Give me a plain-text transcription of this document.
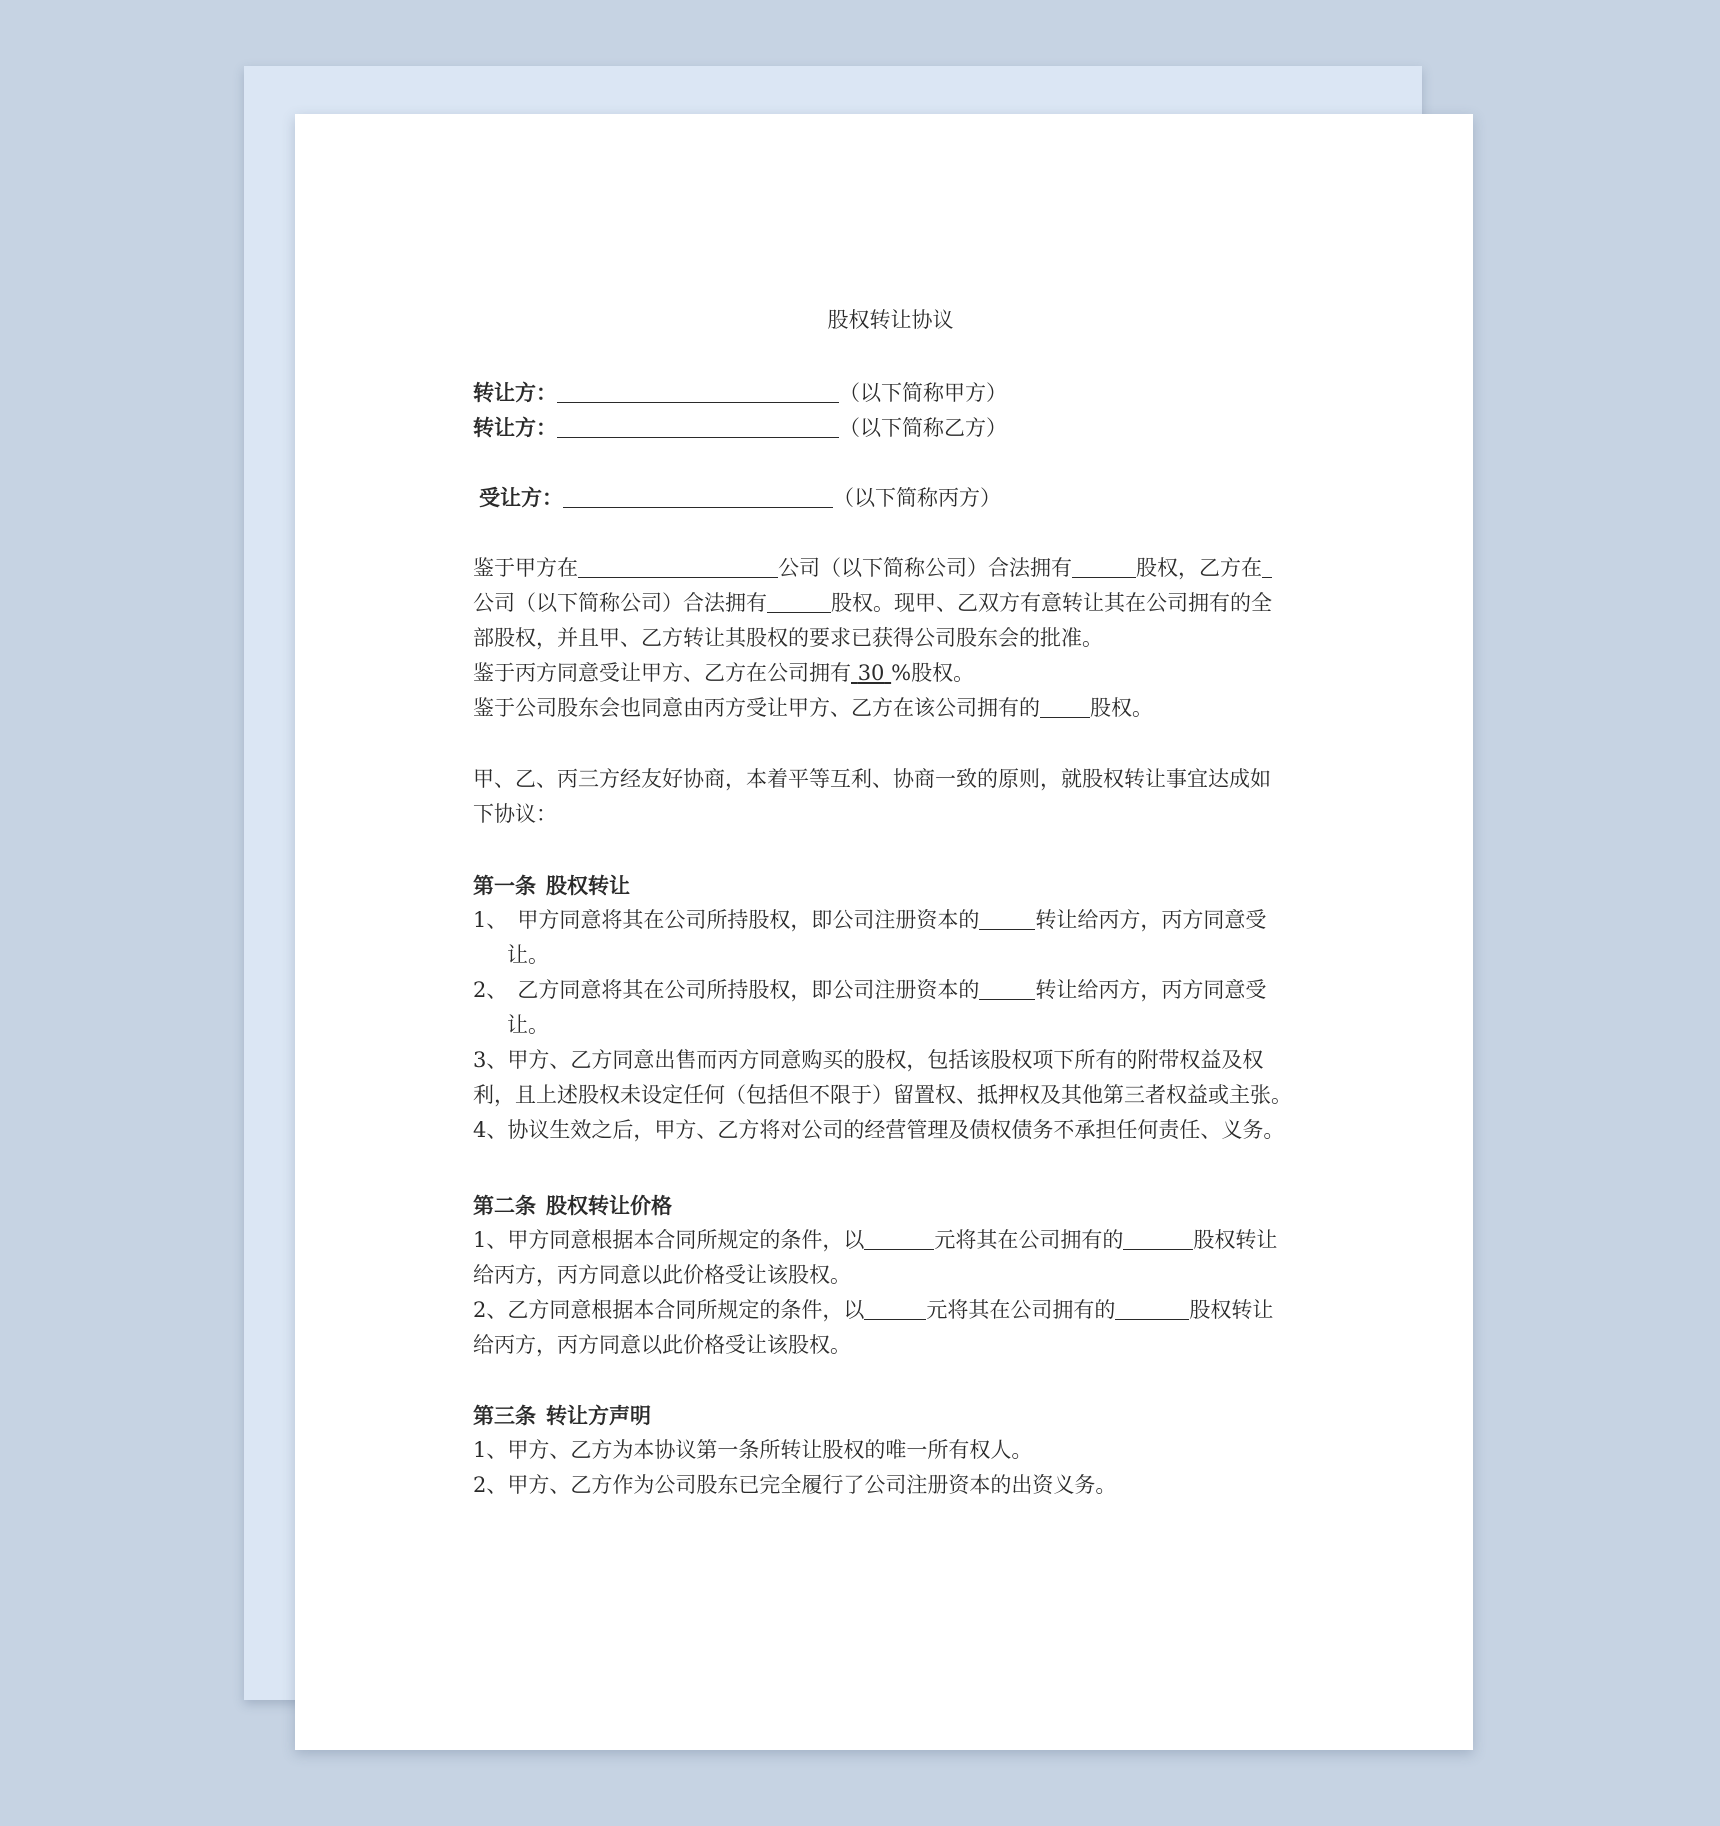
股权转让协议
转让方：	（以下简称甲方）
转让方：	（以下简称乙方）
受让方：	（以下简称丙方）
鉴于甲方在	公司（以下简称公司）合法拥有	股权，乙方在
公司（以下简称公司）合法拥有	股权。现甲、乙双方有意转让其在公司拥有的全
部股权，并且甲、乙方转让其股权的要求已获得公司股东会的批准。
鉴于丙方同意受让甲方、乙方在公司拥有 30 %股权。
鉴于公司股东会也同意由丙方受让甲方、乙方在该公司拥有的 股权。
甲、乙、丙三方经友好协商，本着平等互利、协商一致的原则，就股权转让事宜达成如
下协议：
第一条 股权转让
1、 甲方同意将其在公司所持股权，即公司注册资本的	转让给丙方，丙方同意受
让。
2、 乙方同意将其在公司所持股权，即公司注册资本的	转让给丙方，丙方同意受
让。
3、甲方、乙方同意出售而丙方同意购买的股权，包括该股权项下所有的附带权益及权
利，且上述股权未设定任何（包括但不限于）留置权、抵押权及其他第三者权益或主张。
4、协议生效之后，甲方、乙方将对公司的经营管理及债权债务不承担任何责任、义务。
第二条 股权转让价格
1、甲方同意根据本合同所规定的条件，以	元将其在公司拥有的	股权转让
给丙方，丙方同意以此价格受让该股权。
2、乙方同意根据本合同所规定的条件，以	元将其在公司拥有的	股权转让
给丙方，丙方同意以此价格受让该股权。
第三条 转让方声明
1、甲方、乙方为本协议第一条所转让股权的唯一所有权人。
2、甲方、乙方作为公司股东已完全履行了公司注册资本的出资义务。
